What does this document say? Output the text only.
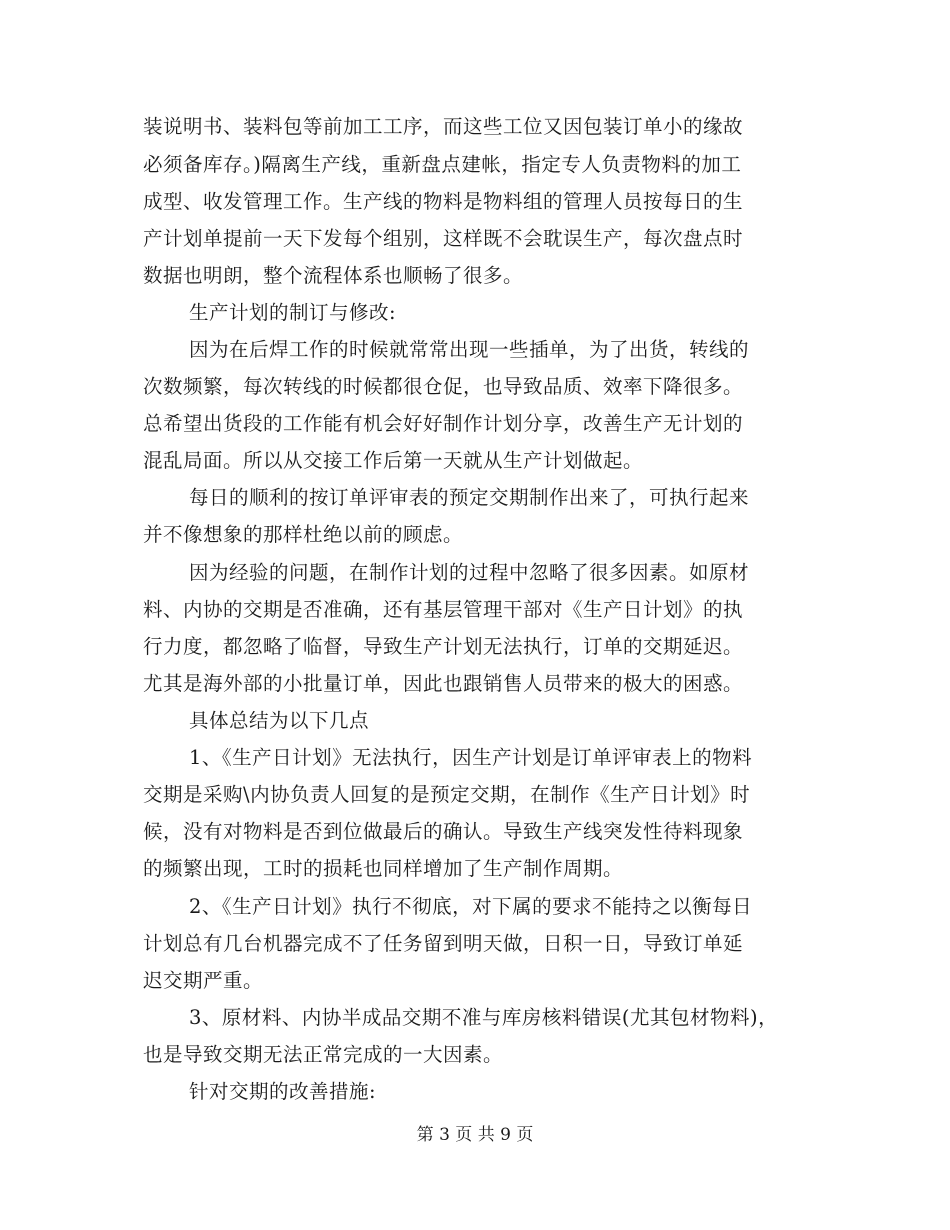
装说明书、装料包等前加工工序，而这些工位又因包装订单小的缘故
必须备库存。)隔离生产线，重新盘点建帐，指定专人负责物料的加工
成型、收发管理工作。生产线的物料是物料组的管理人员按每日的生
产计划单提前一天下发每个组别，这样既不会耽误生产，每次盘点时
数据也明朗，整个流程体系也顺畅了很多。
生产计划的制订与修改:
因为在后焊工作的时候就常常出现一些插单，为了出货，转线的
次数频繁，每次转线的时候都很仓促，也导致品质、效率下降很多。
总希望出货段的工作能有机会好好制作计划分享，改善生产无计划的
混乱局面。所以从交接工作后第一天就从生产计划做起。
每日的顺利的按订单评审表的预定交期制作出来了，可执行起来
并不像想象的那样杜绝以前的顾虑。
因为经验的问题，在制作计划的过程中忽略了很多因素。如原材
料、内协的交期是否准确，还有基层管理干部对《生产日计划》的执
行力度，都忽略了临督，导致生产计划无法执行，订单的交期延迟。
尤其是海外部的小批量订单，因此也跟销售人员带来的极大的困惑。
具体总结为以下几点
1、《生产日计划》无法执行，因生产计划是订单评审表上的物料
交期是采购\内协负责人回复的是预定交期，在制作《生产日计划》时
候，没有对物料是否到位做最后的确认。导致生产线突发性待料现象
的频繁出现，工时的损耗也同样增加了生产制作周期。
2、《生产日计划》执行不彻底，对下属的要求不能持之以衡每日
计划总有几台机器完成不了任务留到明天做，日积一日，导致订单延
迟交期严重。
3、原材料、内协半成品交期不准与库房核料错误(尤其包材物料)，
也是导致交期无法正常完成的一大因素。
针对交期的改善措施:
第 3 页 共 9 页
